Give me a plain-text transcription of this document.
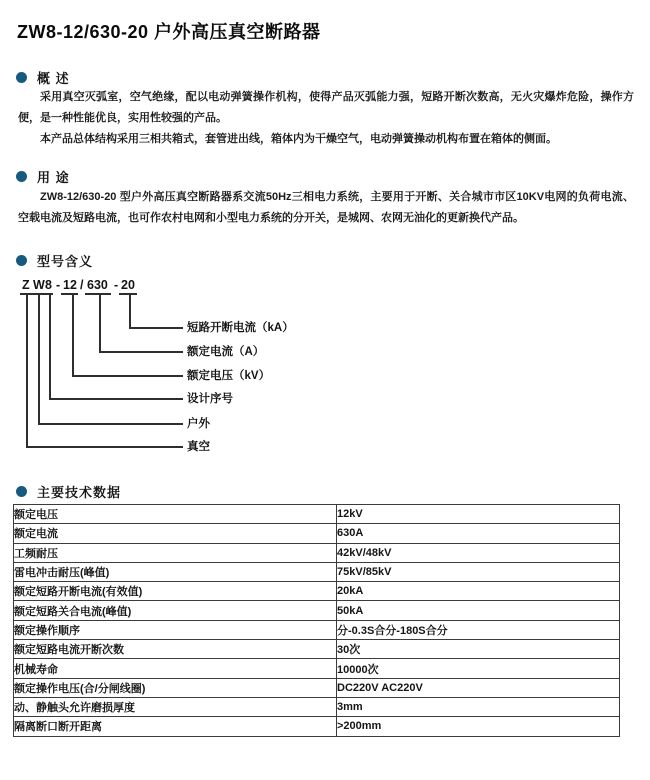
ZW8-12/630-20 户外高压真空断路器
概 述

采用真空灭弧室，空气绝缘，配以电动弹簧操作机构，使得产品灭弧能力强，短路开断次数高，无火灾爆炸危险，操作方便，是一种性能优良，实用性较强的产品。

本产品总体结构采用三相共箱式，套管进出线，箱体内为干燥空气，电动弹簧操动机构布置在箱体的侧面。

用 途

ZW8-12/630-20 型户外高压真空断路器系交流50Hz三相电力系统，主要用于开断、关合城市市区10KV电网的负荷电流、空载电流及短路电流，也可作农村电网和小型电力系统的分开关，是城网、农网无油化的更新换代产品。

型号含义
Z W 8 - 12 / 630 - 20
短路开断电流（kA）
额定电流（A）
额定电压（kV）
设计序号
户外
真空
主要技术数据
额定电压	12kV
额定电流	630A
工频耐压	42kV/48kV
雷电冲击耐压(峰值)	75kV/85kV
额定短路开断电流(有效值)	20kA
额定短路关合电流(峰值)	50kA
额定操作顺序	分-0.3S合分-180S合分
额定短路电流开断次数	30次
机械寿命	10000次
额定操作电压(合/分闸线圈)	DC220V AC220V
动、静触头允许磨损厚度	3mm
隔离断口断开距离	>200mm
